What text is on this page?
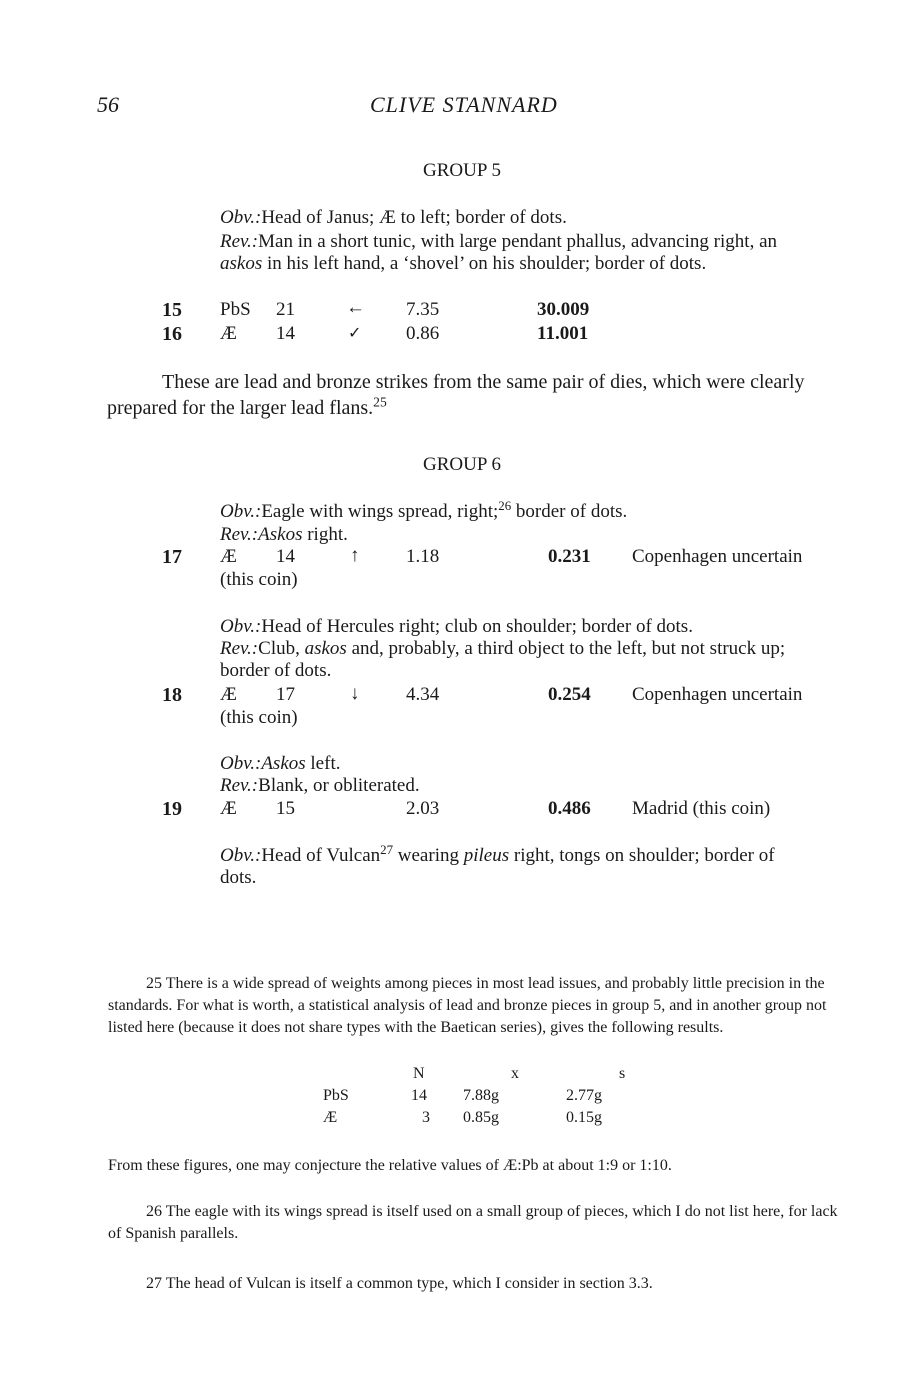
56	CLIVE STANNARD
GROUP 5
Obv.:Head of Janus; Æ to left; border of dots.
Rev.:Man in a short tunic, with large pendant phallus, advancing right, an askos in his left hand, a ‘shovel’ on his shoulder; border of dots.
15 PbS 21	← 7.35	30.009
16 Æ 14	✓ 0.86	11.001
These are lead and bronze strikes from the same pair of dies, which were clearly prepared for the larger lead flans.$^{25}$
GROUP 6
Obv.:Eagle with wings spread, right;$^{26}$ border of dots.
Rev.:Askos right.
17 Æ 14	↑ 1.18	0.231 Copenhagen uncertain
(this coin)
Obv.:Head of Hercules right; club on shoulder; border of dots.
Rev.:Club, askos and, probably, a third object to the left, but not struck up; border of dots.
18 Æ 17	↓ 4.34	0.254 Copenhagen uncertain
(this coin)
Obv.:Askos left.
Rev.:Blank, or obliterated.
19 Æ 15	2.03	0.486 Madrid (this coin)
Obv.:Head of Vulcan$^{27}$ wearing pileus right, tongs on shoulder; border of dots.
25 There is a wide spread of weights among pieces in most lead issues, and probably little precision in the standards. For what is worth, a statistical analysis of lead and bronze pieces in group 5, and in another group not listed here (because it does not share types with the Baetican series), gives the following results.
N	x	s
PbS	14 7.88g	2.77g
Æ	3 0.85g	0.15g
From these figures, one may conjecture the relative values of Æ:Pb at about 1:9 or 1:10.
26 The eagle with its wings spread is itself used on a small group of pieces, which I do not list here, for lack of Spanish parallels.
27 The head of Vulcan is itself a common type, which I consider in section 3.3.
